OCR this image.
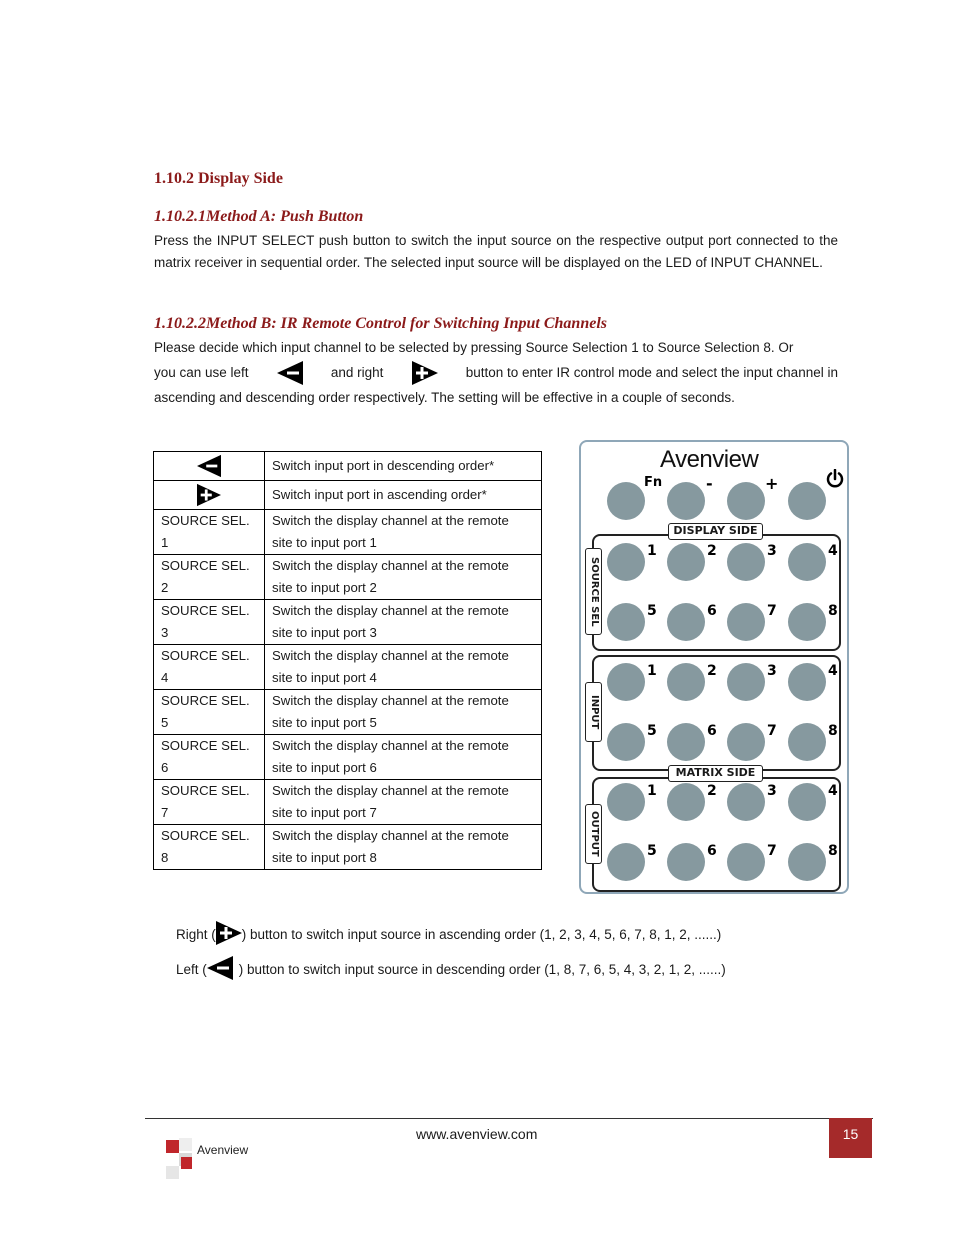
1.10.2 Display Side
1.10.2.1Method A: Push Button

Press the INPUT SELECT push button to switch the input source on the respective output port connected to the matrix receiver in sequential order. The selected input source will be displayed on the LED of INPUT CHANNEL.

1.10.2.2Method B: IR Remote Control for Switching Input Channels
Please decide which input channel to be selected by pressing Source Selection 1 to Source Selection 8. Or
you can use left	and right	button to enter IR control mode and select the input channel in
ascending and descending order respectively. The setting will be effective in a couple of seconds.
	Switch input port in descending order*
	Switch input port in ascending order*
SOURCE SEL. 1	Switch the display channel at the remote
site to input port 1

SOURCE SEL. 2	Switch the display channel at the remote
site to input port 2

SOURCE SEL. 3	Switch the display channel at the remote
site to input port 3

SOURCE SEL. 4	Switch the display channel at the remote
site to input port 4

SOURCE SEL. 5	Switch the display channel at the remote
site to input port 5

SOURCE SEL. 6	Switch the display channel at the remote
site to input port 6

SOURCE SEL. 7	Switch the display channel at the remote
site to input port 7

SOURCE SEL. 8	Switch the display channel at the remote
site to input port 8
Avenview
Fn	-	+
DISPLAY SIDE
SOURCE SEL
INPUT
MATRIX SIDE
OUTPUT
1	2	3	4
5	6	7	8
1	2	3	4
5	6	7	8
1	2	3	4
5	6	7	8
Right ( ) button to switch input source in ascending order (1, 2, 3, 4, 5, 6, 7, 8, 1, 2, ......)
Left ( ) button to switch input source in descending order (1, 8, 7, 6, 5, 4, 3, 2, 1, 2, ......)
www.avenview.com	15
Avenview
